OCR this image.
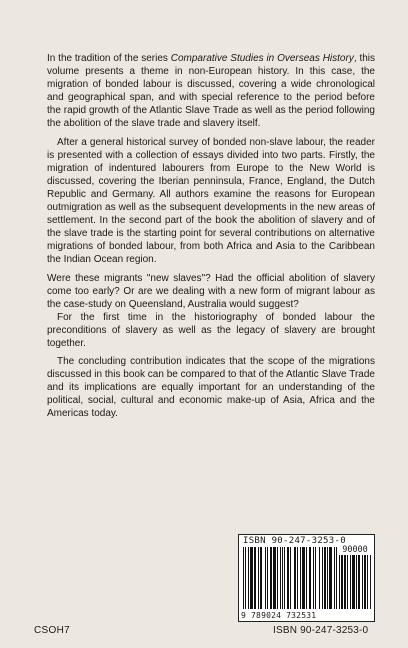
In the tradition of the series Comparative Studies in Overseas History, this volume presents a theme in non-European history. In this case, the migration of bonded labour is discussed, covering a wide chronological and geographical span, and with special reference to the period before the rapid growth of the Atlantic Slave Trade as well as the period following the abolition of the slave trade and slavery itself.

After a general historical survey of bonded non-slave labour, the reader is presented with a collection of essays divided into two parts. Firstly, the migration of indentured labourers from Europe to the New World is discussed, covering the Iberian penninsula, France, England, the Dutch Republic and Germany. All authors examine the reasons for European outmigration as well as the subsequent developments in the new areas of settlement. In the second part of the book the abolition of slavery and of the slave trade is the starting point for several contributions on alternative migrations of bonded labour, from both Africa and Asia to the Caribbean the Indian Ocean region.

Were these migrants "new slaves"? Had the official abolition of slavery come too early? Or are we dealing with a new form of migrant labour as the case-study on Queensland, Australia would suggest?

For the first time in the historiography of bonded labour the preconditions of slavery as well as the legacy of slavery are brought together.

The concluding contribution indicates that the scope of the migrations discussed in this book can be compared to that of the Atlantic Slave Trade and its implications are equally important for an understanding of the political, social, cultural and economic make-up of Asia, Africa and the Americas today.

ISBN 90-247-3253-0
90000
9 789024 732531
CSOH7	ISBN 90-247-3253-0
